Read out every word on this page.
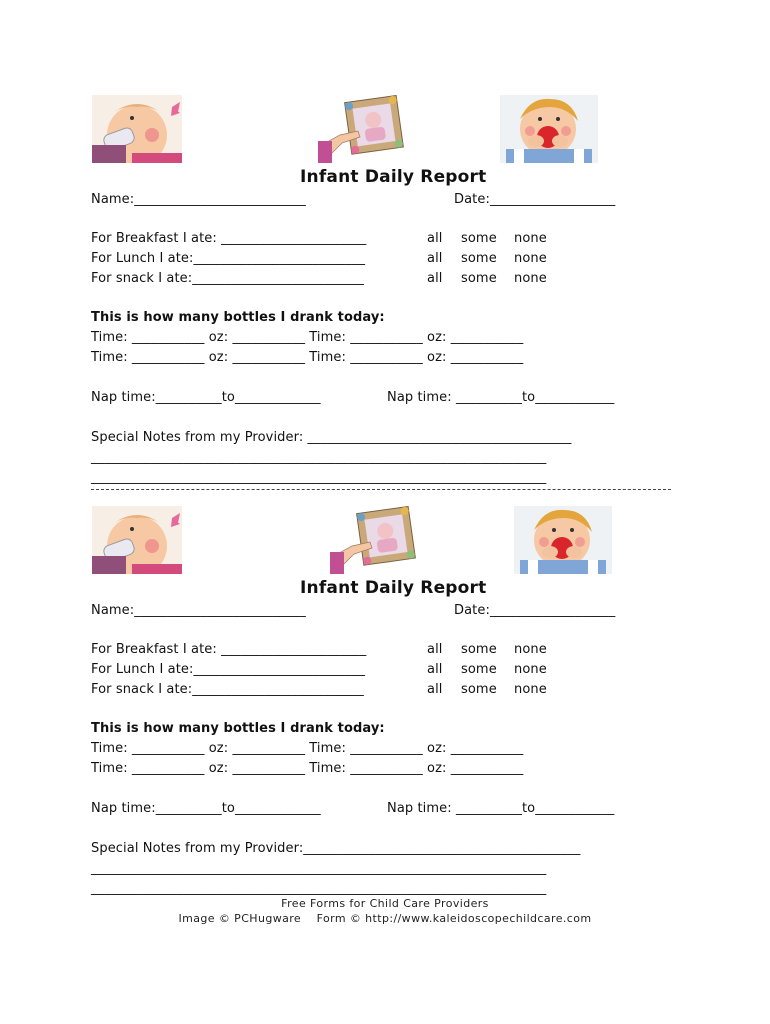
Infant Daily Report
Name:__________________________	Date:___________________
For Breakfast I ate: ______________________	all some none
For Lunch I ate:__________________________	all some none
For snack I ate:__________________________	all some none
This is how many bottles I drank today:
Time: ___________ oz: ___________ Time: ___________ oz: ___________
Time: ___________ oz: ___________ Time: ___________ oz: ___________
Nap time:__________to_____________	Nap time: __________to____________
Special Notes from my Provider: ________________________________________
_____________________________________________________________________
_____________________________________________________________________
Infant Daily Report
Name:__________________________	Date:___________________
For Breakfast I ate: ______________________	all some none
For Lunch I ate:__________________________	all some none
For snack I ate:__________________________	all some none
This is how many bottles I drank today:
Time: ___________ oz: ___________ Time: ___________ oz: ___________
Time: ___________ oz: ___________ Time: ___________ oz: ___________
Nap time:__________to_____________	Nap time: __________to____________
Special Notes from my Provider:__________________________________________
_____________________________________________________________________
_____________________________________________________________________
Free Forms for Child Care Providers
Image © PCHugware    Form © http://www.kaleidoscopechildcare.com
